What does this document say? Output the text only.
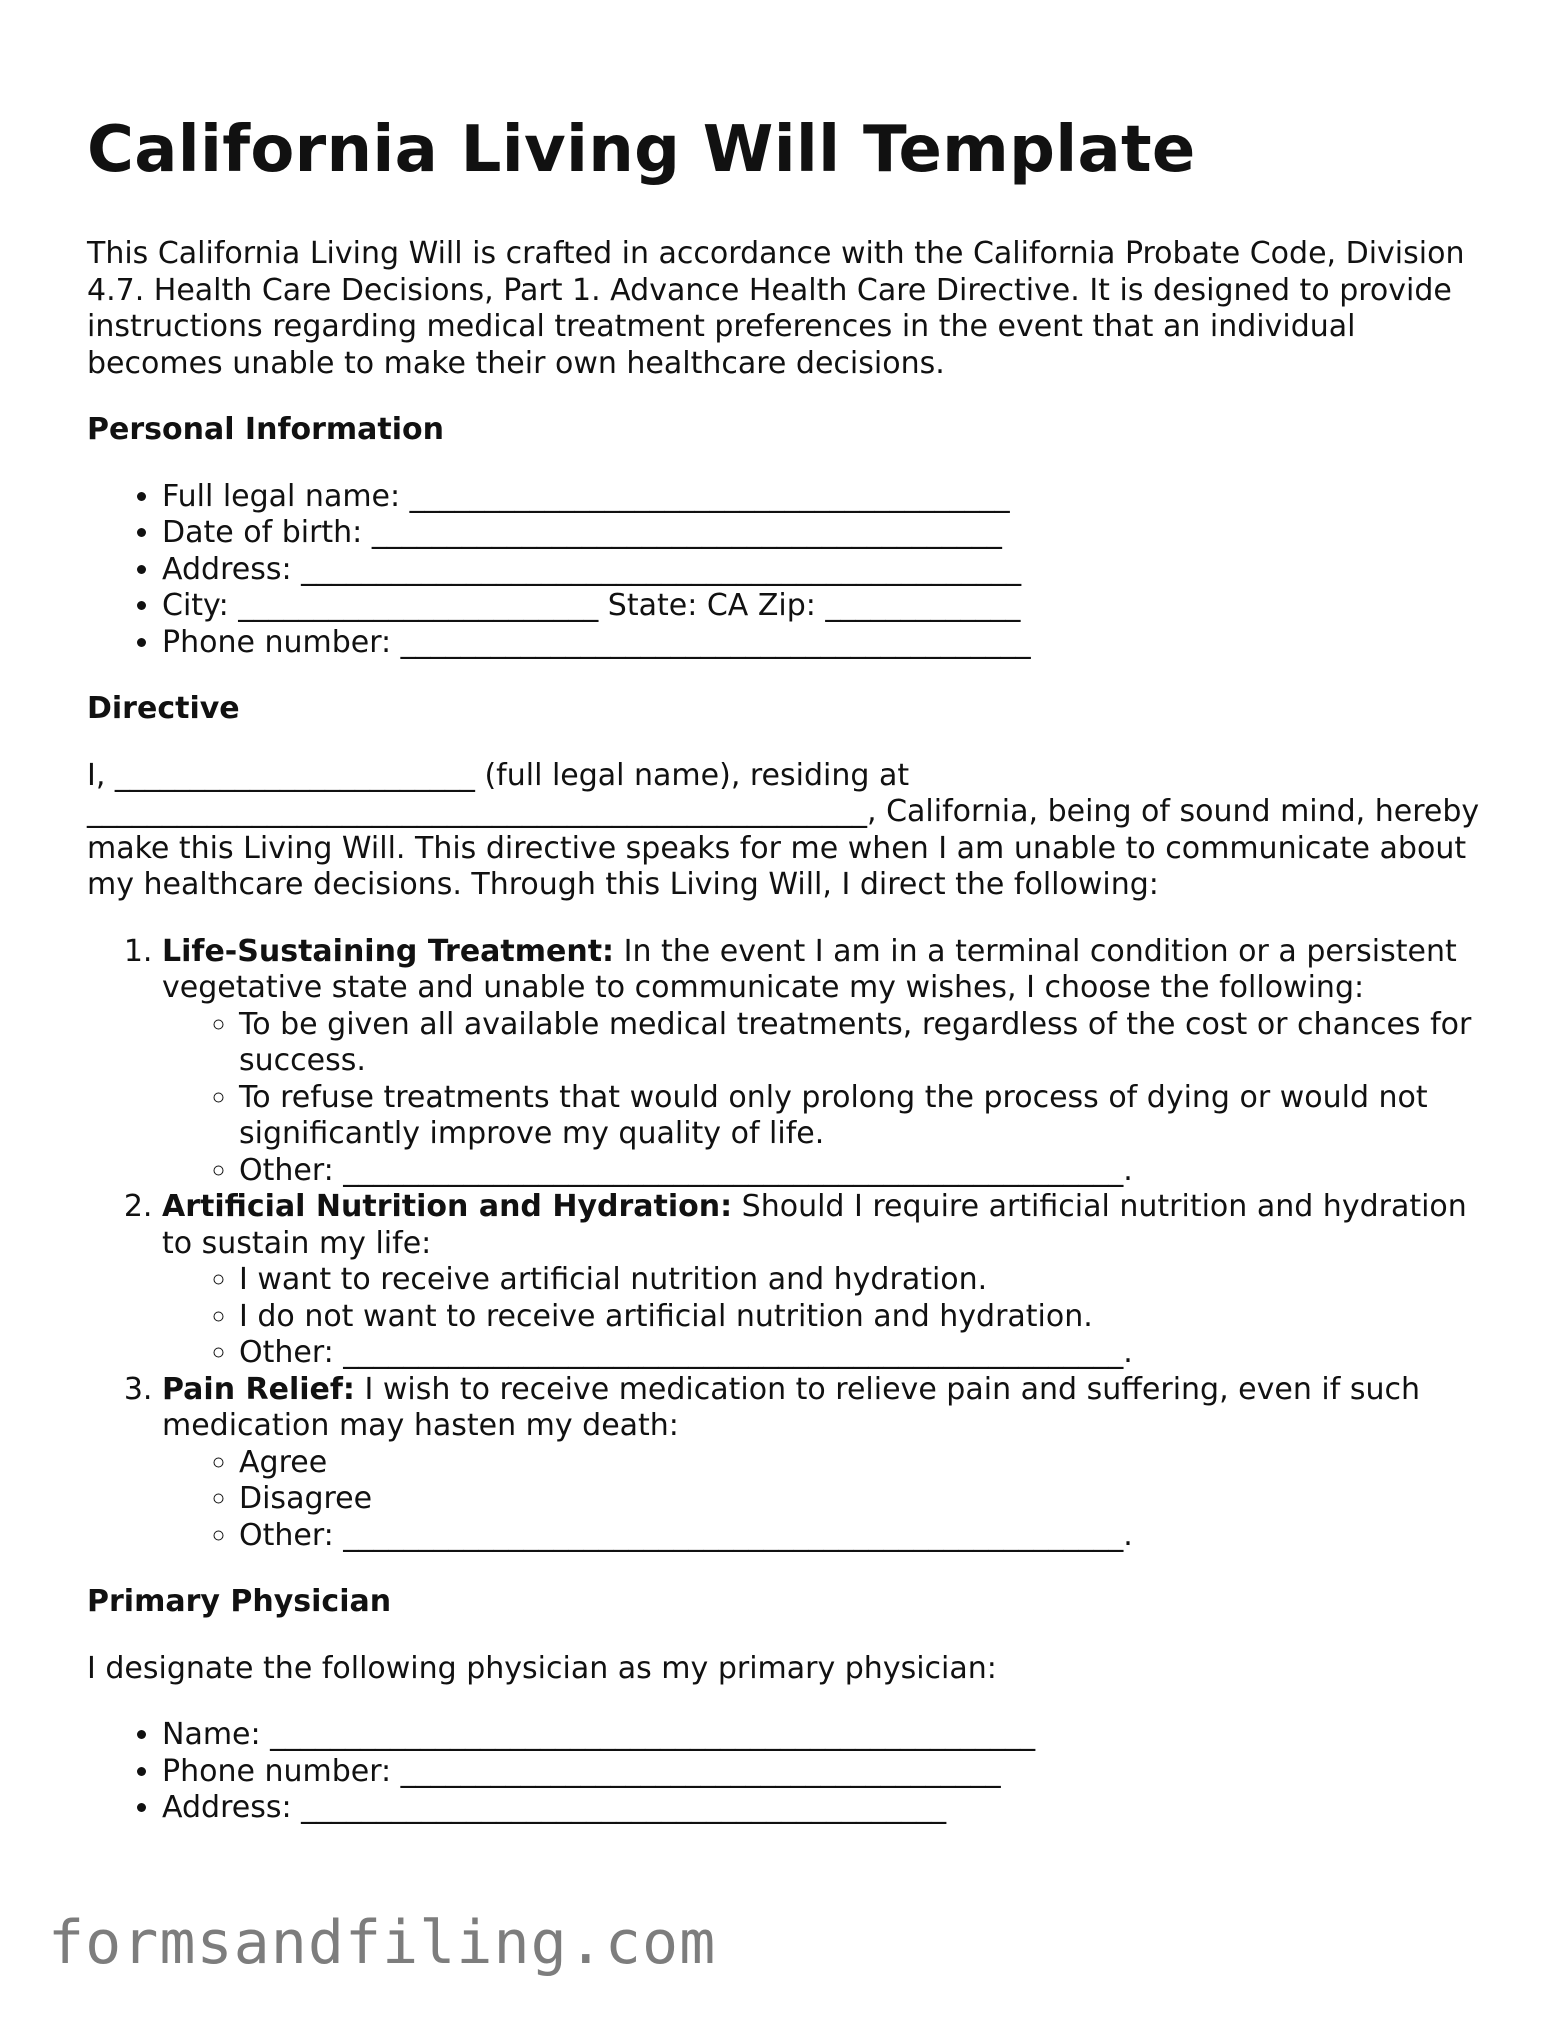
California Living Will Template

This California Living Will is crafted in accordance with the California Probate Code, Division 4.7. Health Care Decisions, Part 1. Advance Health Care Directive. It is designed to provide instructions regarding medical treatment preferences in the event that an individual becomes unable to make their own healthcare decisions.

Personal Information
• Full legal name: ________________________________________
• Date of birth: __________________________________________
• Address: ________________________________________________
• City: ________________________ State: CA Zip: _____________
• Phone number: __________________________________________
Directive

I, ________________________ (full legal name), residing at ____________________________________________________, California, being of sound mind, hereby make this Living Will. This directive speaks for me when I am unable to communicate about my healthcare decisions. Through this Living Will, I direct the following:

1. Life-Sustaining Treatment: In the event I am in a terminal condition or a persistent vegetative state and unable to communicate my wishes, I choose the following:
◦ To be given all available medical treatments, regardless of the cost or chances for success.
◦ To refuse treatments that would only prolong the process of dying or would not significantly improve my quality of life.
◦ Other: ____________________________________________________.
2. Artificial Nutrition and Hydration: Should I require artificial nutrition and hydration to sustain my life:
◦ I want to receive artificial nutrition and hydration.
◦ I do not want to receive artificial nutrition and hydration.
◦ Other: ____________________________________________________.
3. Pain Relief: I wish to receive medication to relieve pain and suffering, even if such medication may hasten my death:
◦ Agree
◦ Disagree
◦ Other: ____________________________________________________.
Primary Physician

I designate the following physician as my primary physician:

• Name: ___________________________________________________
• Phone number: ________________________________________
• Address: ___________________________________________
formsandfiling.com
